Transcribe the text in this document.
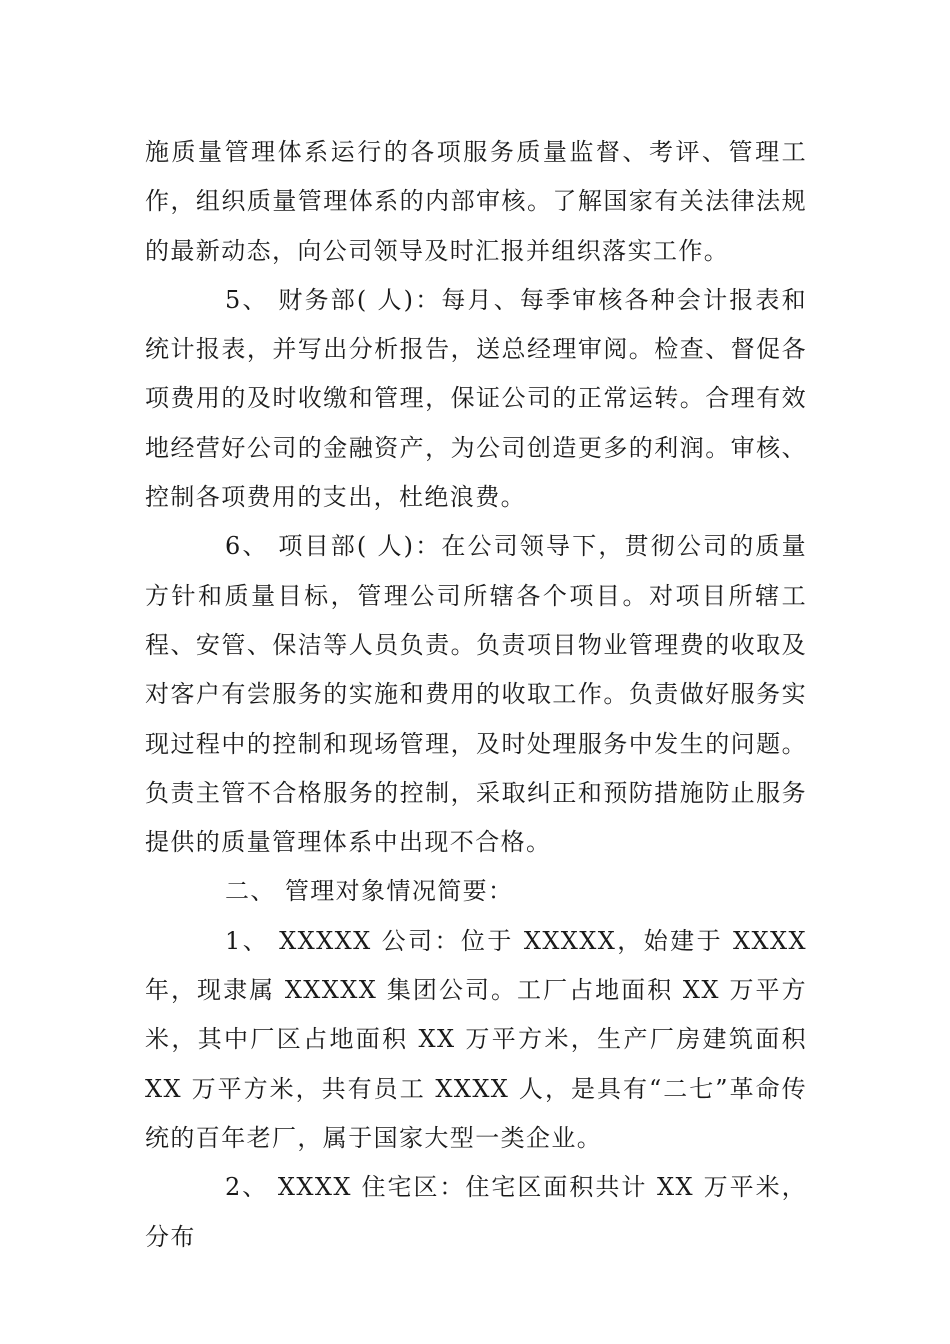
施质量管理体系运行的各项服务质量监督、考评、管理工作，组织质量管理体系的内部审核。了解国家有关法律法规的最新动态，向公司领导及时汇报并组织落实工作。

5、 财务部( 人)：每月、每季审核各种会计报表和统计报表，并写出分析报告，送总经理审阅。检查、督促各项费用的及时收缴和管理，保证公司的正常运转。合理有效地经营好公司的金融资产，为公司创造更多的利润。审核、控制各项费用的支出，杜绝浪费。

6、 项目部( 人)：在公司领导下，贯彻公司的质量方针和质量目标，管理公司所辖各个项目。对项目所辖工程、安管、保洁等人员负责。负责项目物业管理费的收取及对客户有尝服务的实施和费用的收取工作。负责做好服务实现过程中的控制和现场管理，及时处理服务中发生的问题。负责主管不合格服务的控制，采取纠正和预防措施防止服务提供的质量管理体系中出现不合格。

二、 管理对象情况简要：

1、 XXXXX 公司：位于 XXXXX，始建于 XXXX 年，现隶属 XXXXX 集团公司。工厂占地面积 XX 万平方米，其中厂区占地面积 XX 万平方米，生产厂房建筑面积 XX 万平方米，共有员工 XXXX 人，是具有“二七”革命传统的百年老厂，属于国家大型一类企业。

2、 XXXX 住宅区：住宅区面积共计 XX 万平米，分布
